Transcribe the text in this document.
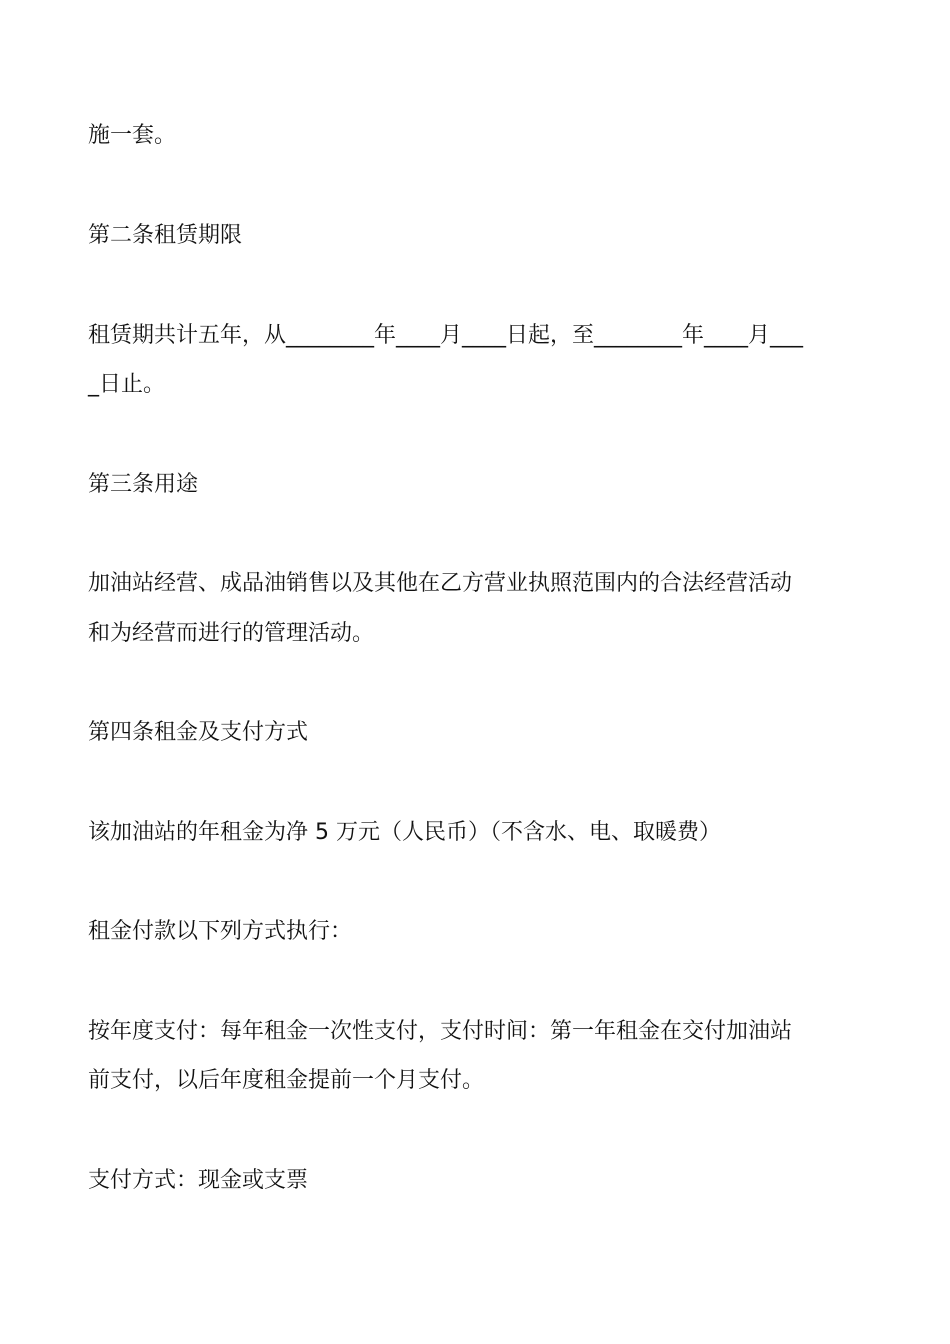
施一套。

第二条租赁期限

租赁期共计五年，从________年____月____日起，至________年____月___

_日止。

第三条用途

加油站经营、成品油销售以及其他在乙方营业执照范围内的合法经营活动

和为经营而进行的管理活动。

第四条租金及支付方式

该加油站的年租金为净 5 万元（人民币）（不含水、电、取暖费）

租金付款以下列方式执行：

按年度支付：每年租金一次性支付，支付时间：第一年租金在交付加油站

前支付，以后年度租金提前一个月支付。

支付方式：现金或支票
